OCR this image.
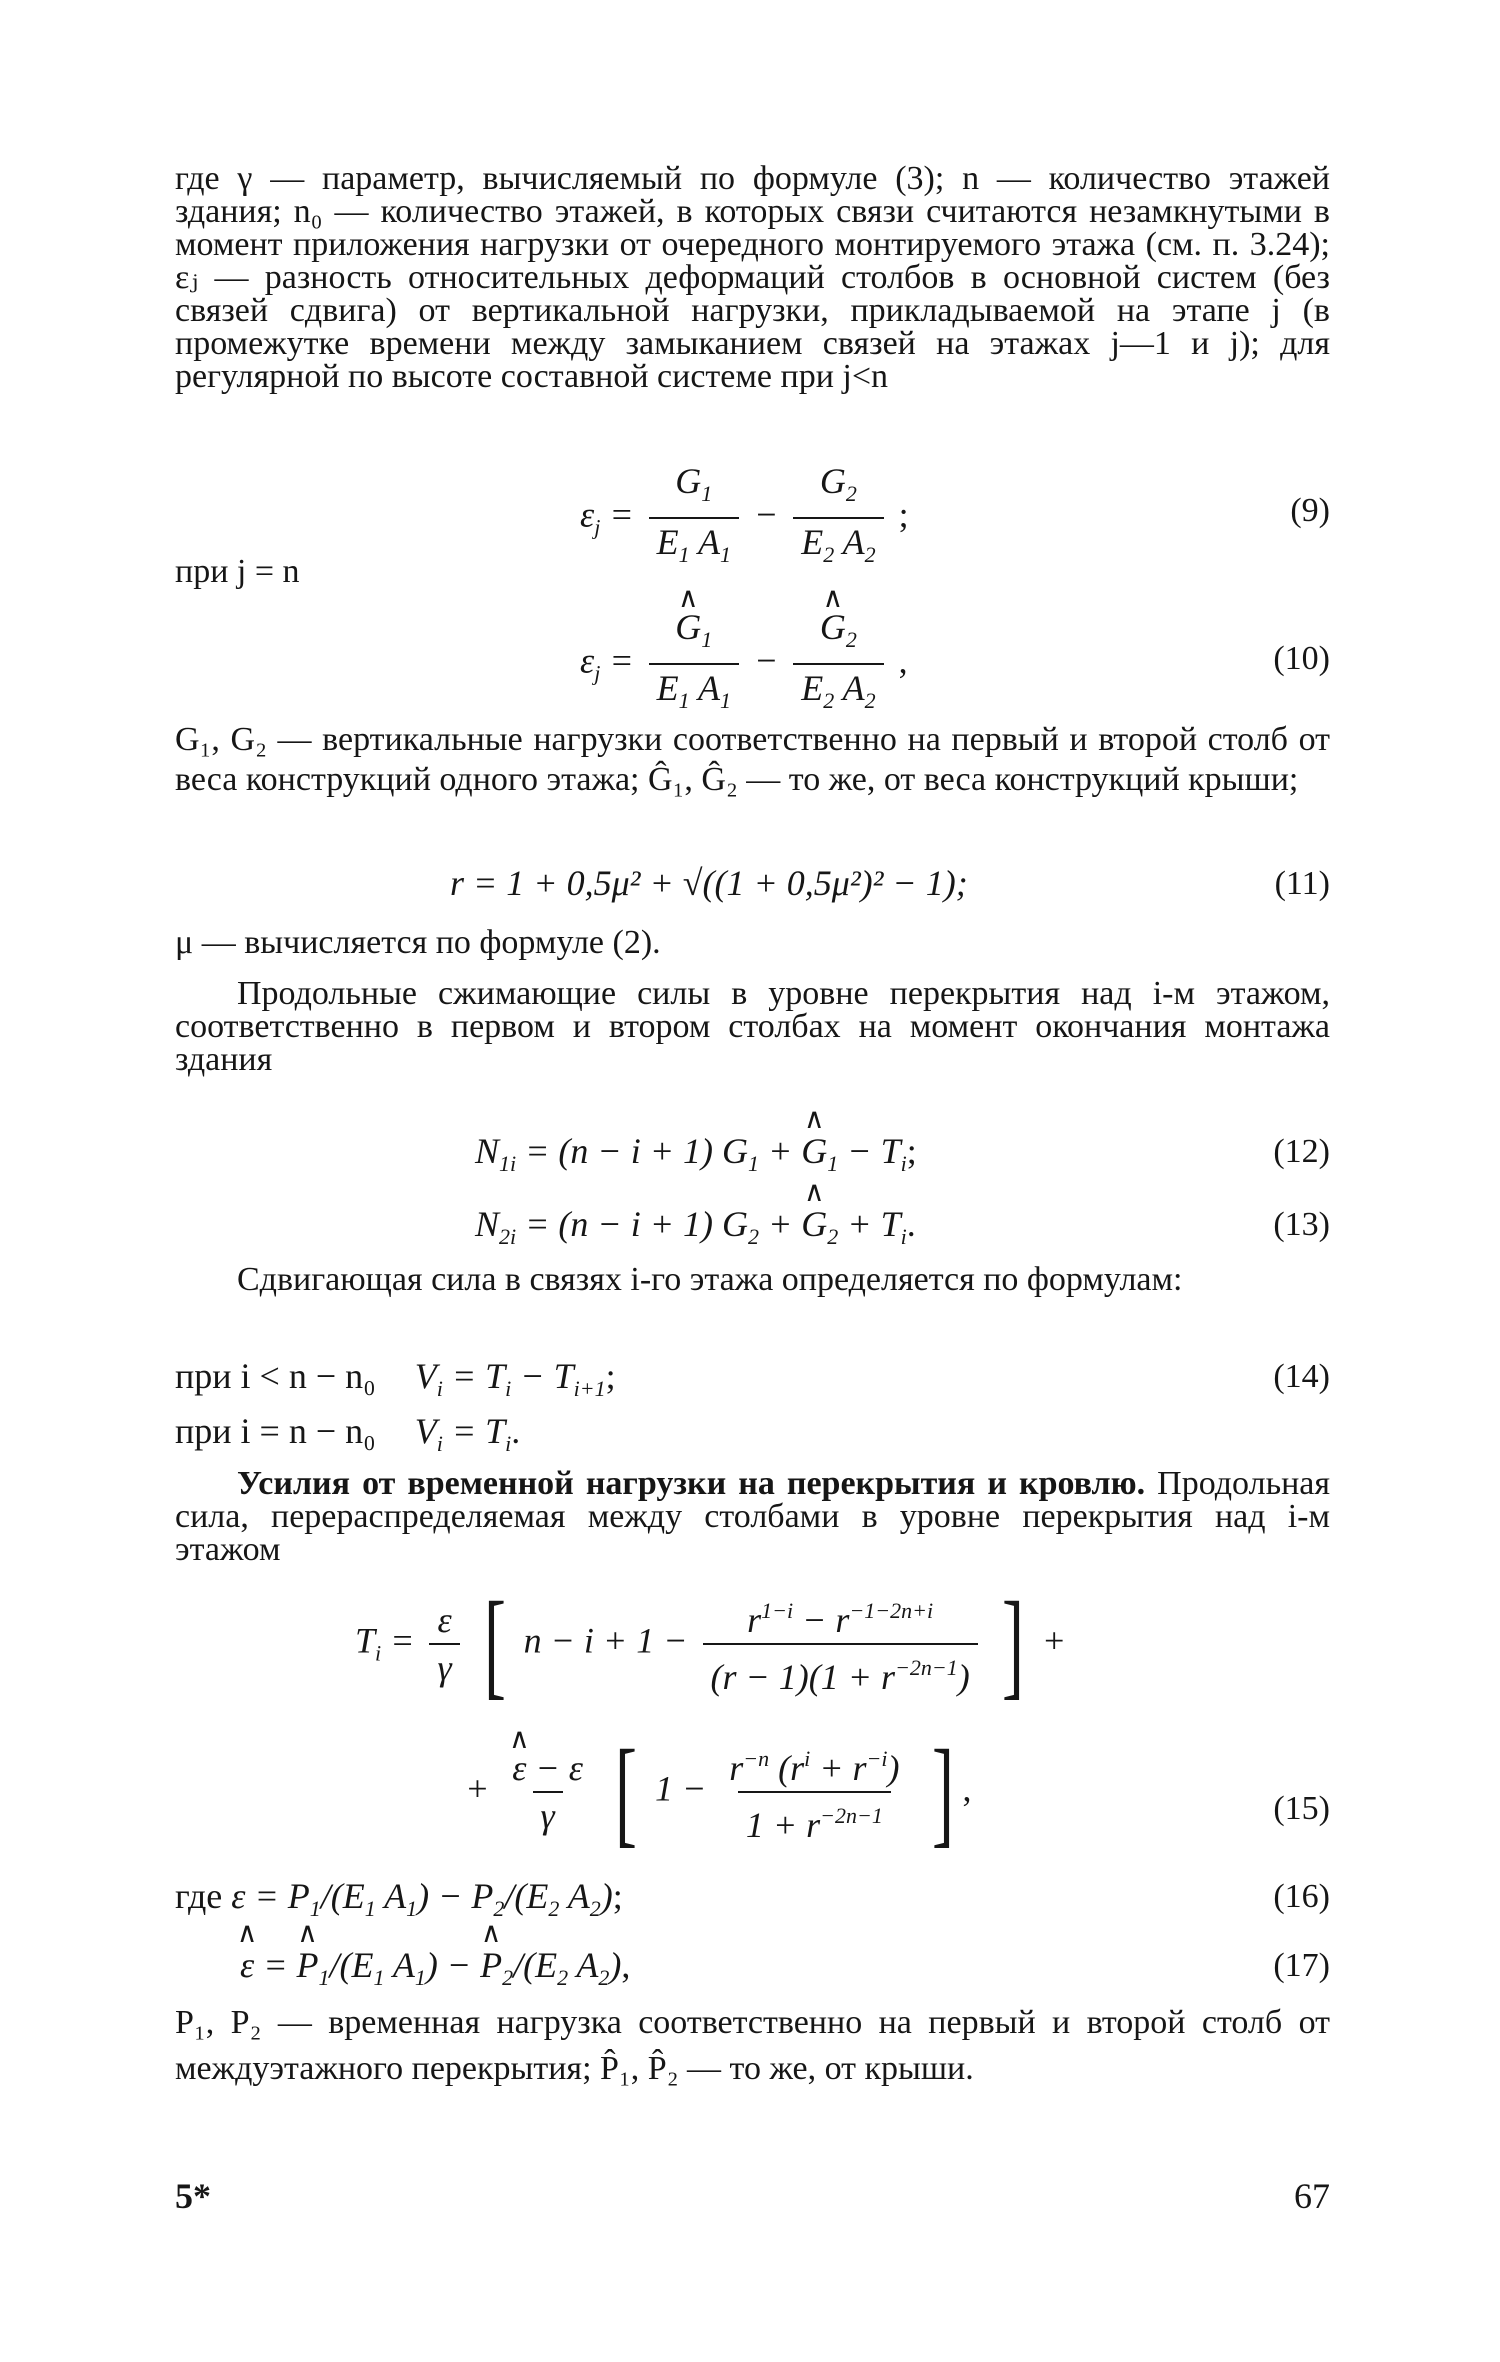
где γ — параметр, вычисляемый по формуле (3); n — количество этажей здания; n₀ — количество этажей, в которых связи считаются незамкнутыми в момент приложения нагрузки от очередного монтируемого этажа (см. п. 3.24); εⱼ — разность относительных деформаций столбов в основной систем (без связей сдвига) от вертикальной нагрузки, прикладываемой на этапе j (в промежутке времени между замыканием связей на этажах j—1 и j); для регулярной по высоте составной системе при j<n

$\varepsilon_j = \frac{G_1}{E_1 A_1} - \frac{G_2}{E_2 A_2}$ ;	(9)
при j = n
$\varepsilon_j$ = ∧ $\frac{G_1}{E_1 A_1}$ − ∧ $\frac{G_2}{E_2 A_2}$ ,	(10)

G₁, G₂ — вертикальные нагрузки соответственно на первый и второй столб от веса конструкций одного этажа; Ĝ₁, Ĝ₂ — то же, от веса конструкций крыши;

r = 1 + 0,5μ² + √((1 + 0,5μ²)² − 1);	(11)

μ — вычисляется по формуле (2).

Продольные сжимающие силы в уровне перекрытия над i-м этажом, соответственно в первом и втором столбах на момент окончания монтажа здания

$N_{1i} = (n - i + 1) G_1$ + ∧ $G_1 - T_i$;	(12)
$N_{2i} = (n - i + 1) G_2$ + ∧ $G_2 + T_i$.	(13)

Сдвигающая сила в связях i-го этажа определяется по формулам:

при i < n − n₀ $V_i = T_i - T_{i+1}$;	(14)
при i = n − n₀ $V_i = T_i$.

Усилия от временной нагрузки на перекрытия и кровлю. Продольная сила, перераспределяемая между столбами в уровне перекрытия над i-м этажом

$T_i = \frac{\varepsilon}{\gamma}$ [ $n - i + 1 - \frac{r^{1-i} - r^{-1-2n+i}}{(r - 1)(1 + r^{-2n-1})}$ ] +
+ ∧ $\frac{\varepsilon - \varepsilon}{\gamma}$ [ $1 - \frac{r^{-n} (r^i + r^{-i})}{1 + r^{-2n-1}}$ ] ,
(15)
где $\varepsilon = P_1/(E_1$ $A_1) - P_2/(E_2$ $A_2$);	(16)
∧ ε = ∧ $P_1/(E_1$ $A_1$) − ∧ $P_2/(E_2$ $A_2$),	(17)

P₁, P₂ — временная нагрузка соответственно на первый и второй столб от междуэтажного перекрытия; P̂₁, P̂₂ — то же, от крыши.

5*	67
